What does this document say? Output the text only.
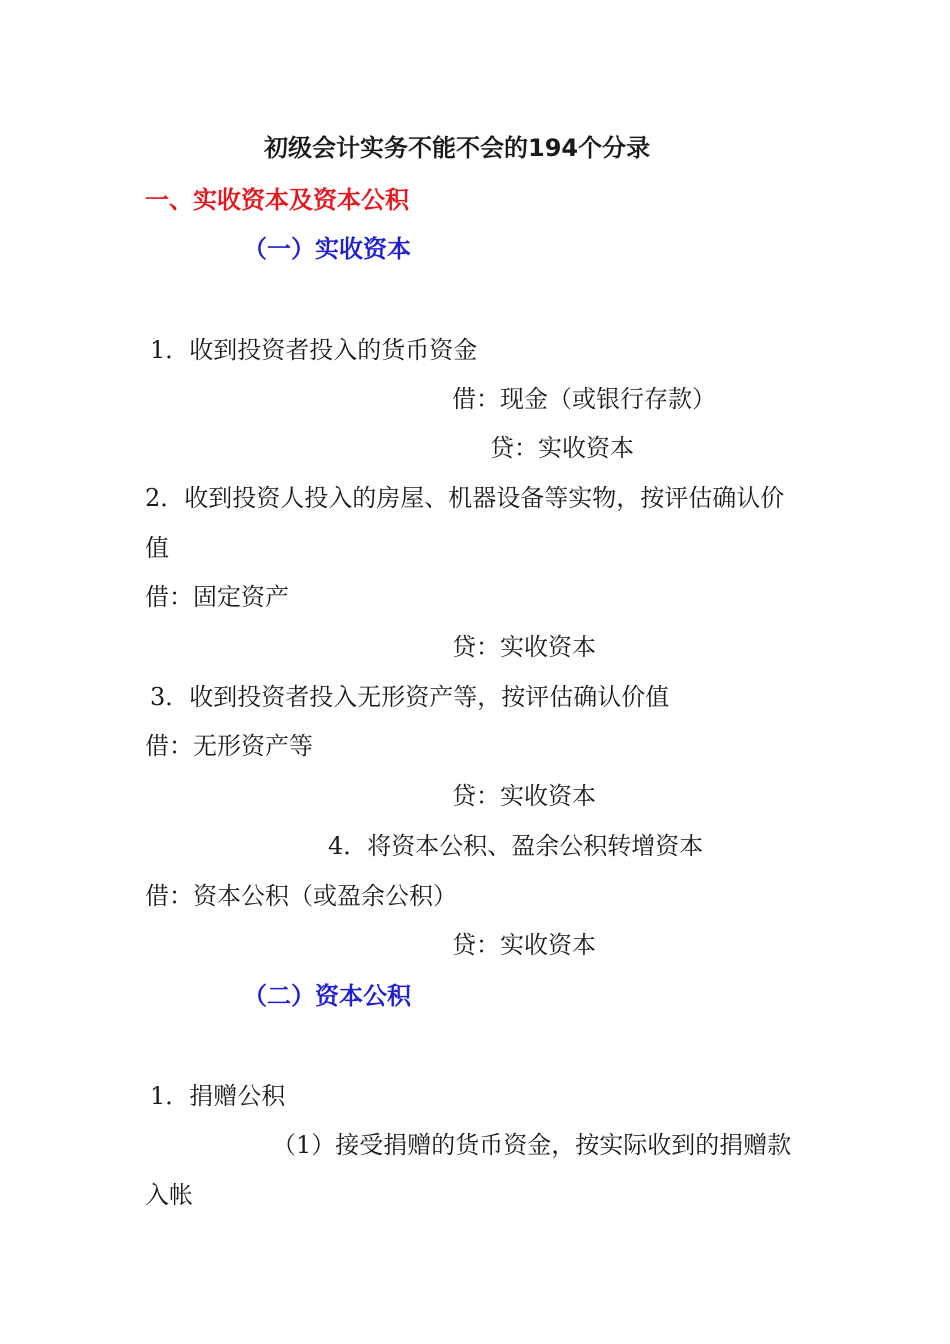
初级会计实务不能不会的194个分录
一、实收资本及资本公积
（一）实收资本
1．收到投资者投入的货币资金
借：现金（或银行存款）
贷：实收资本
2．收到投资人投入的房屋、机器设备等实物，按评估确认价
值
借：固定资产
贷：实收资本
3．收到投资者投入无形资产等，按评估确认价值
借：无形资产等
贷：实收资本
4．将资本公积、盈余公积转增资本
借：资本公积（或盈余公积）
贷：实收资本
（二）资本公积
1．捐赠公积
（1）接受捐赠的货币资金，按实际收到的捐赠款
入帐
